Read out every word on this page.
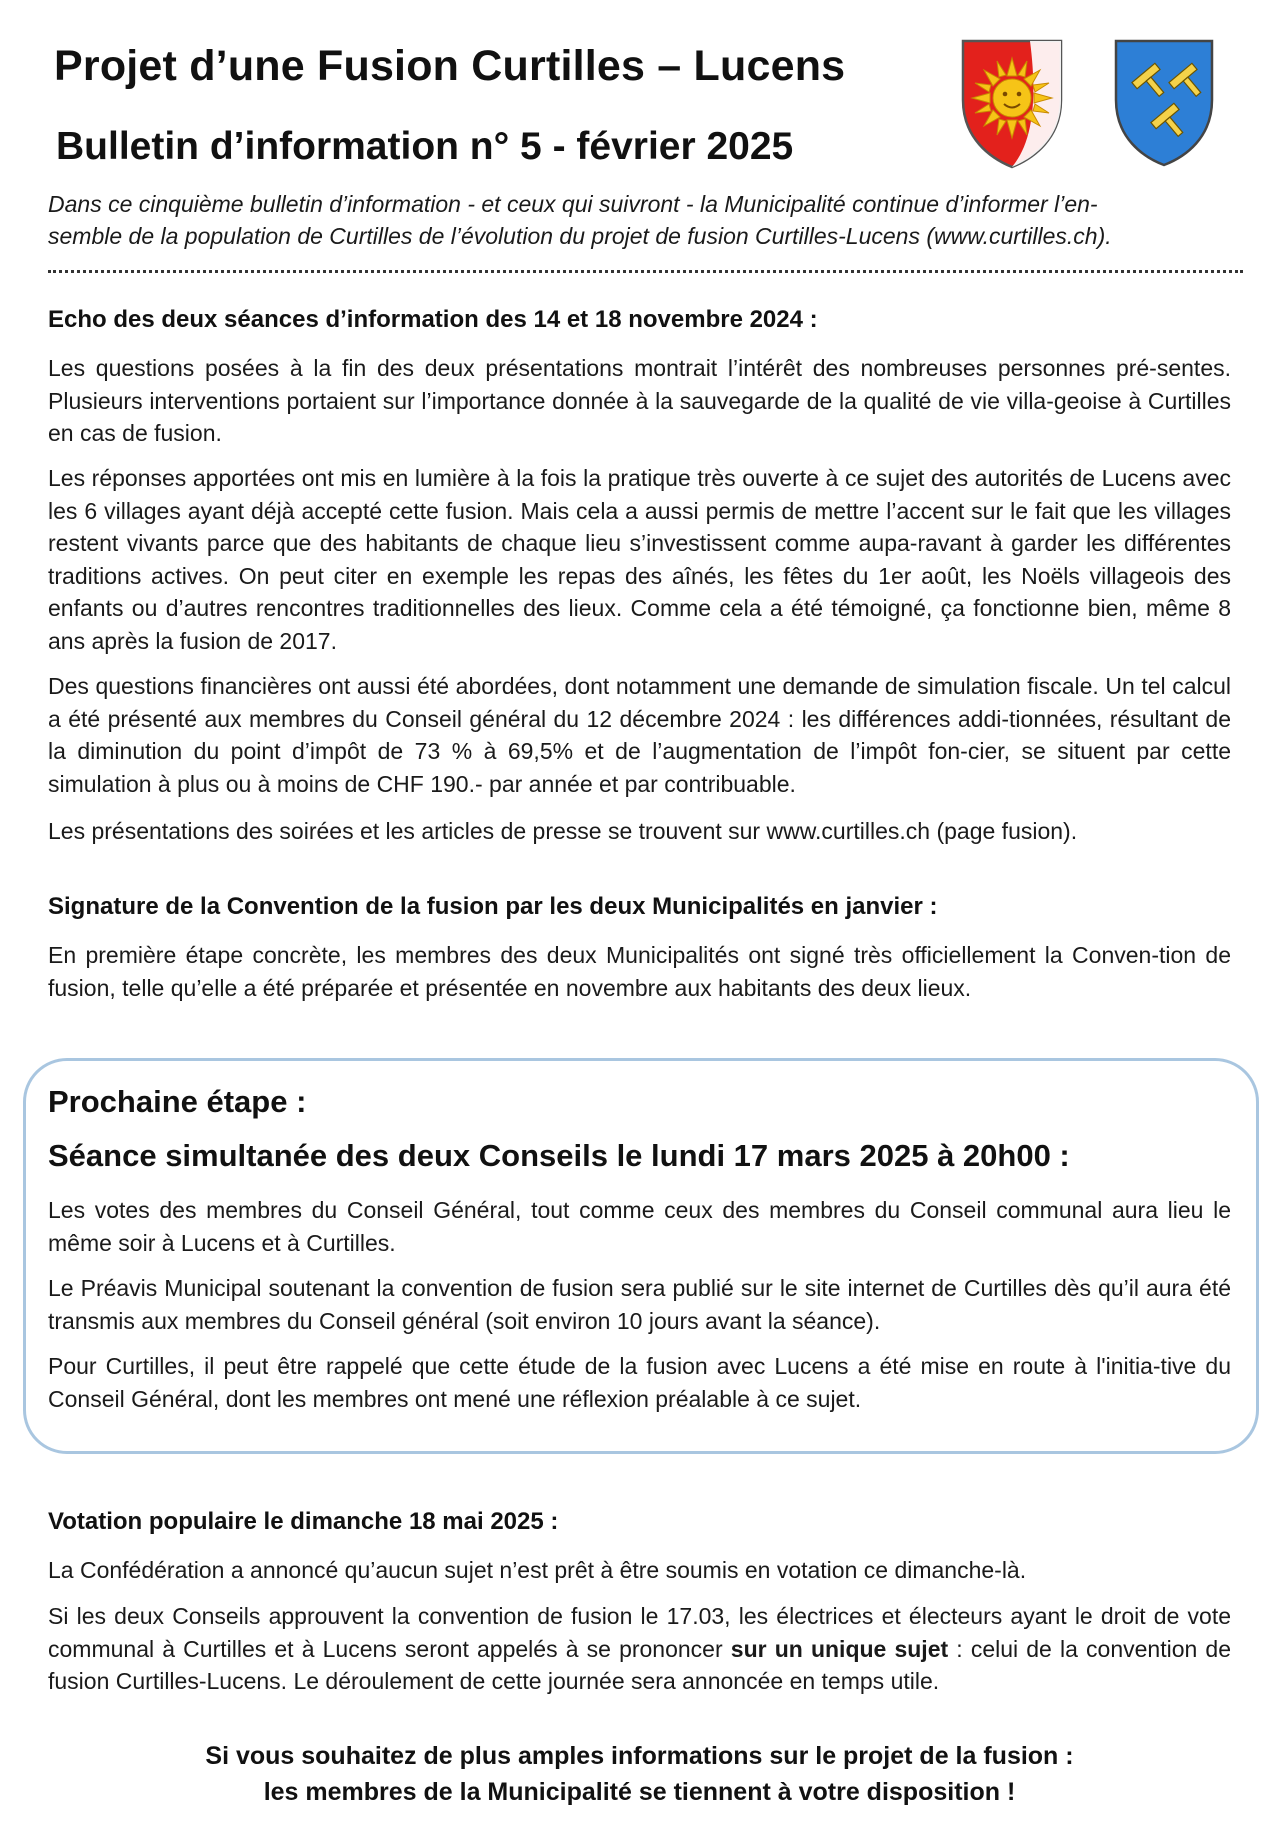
Projet d’une Fusion Curtilles – Lucens
Bulletin d’information n° 5 - février 2025

Dans ce cinquième bulletin d’information - et ceux qui suivront - la Municipalité continue d’informer l’en-
semble de la population de Curtilles de l’évolution du projet de fusion Curtilles-Lucens (www.curtilles.ch).

Echo des deux séances d’information des 14 et 18 novembre 2024 :

Les questions posées à la fin des deux présentations montrait l’intérêt des nombreuses personnes pré-sentes. Plusieurs interventions portaient sur l’importance donnée à la sauvegarde de la qualité de vie villa-geoise à Curtilles en cas de fusion.

Les réponses apportées ont mis en lumière à la fois la pratique très ouverte à ce sujet des autorités de Lucens avec les 6 villages ayant déjà accepté cette fusion. Mais cela a aussi permis de mettre l’accent sur le fait que les villages restent vivants parce que des habitants de chaque lieu s’investissent comme aupa-ravant à garder les différentes traditions actives. On peut citer en exemple les repas des aînés, les fêtes du 1er août, les Noëls villageois des enfants ou d’autres rencontres traditionnelles des lieux. Comme cela a été témoigné, ça fonctionne bien, même 8 ans après la fusion de 2017.

Des questions financières ont aussi été abordées, dont notamment une demande de simulation fiscale. Un tel calcul a été présenté aux membres du Conseil général du 12 décembre 2024 : les différences addi-tionnées, résultant de la diminution du point d’impôt de 73 % à 69,5% et de l’augmentation de l’impôt fon-cier, se situent par cette simulation à plus ou à moins de CHF 190.- par année et par contribuable.

Les présentations des soirées et les articles de presse se trouvent sur www.curtilles.ch (page fusion).

Signature de la Convention de la fusion par les deux Municipalités en janvier :

En première étape concrète, les membres des deux Municipalités ont signé très officiellement la Conven-tion de fusion, telle qu’elle a été préparée et présentée en novembre aux habitants des deux lieux.

Prochaine étape :
Séance simultanée des deux Conseils le lundi 17 mars 2025 à 20h00 :

Les votes des membres du Conseil Général, tout comme ceux des membres du Conseil communal aura lieu le même soir à Lucens et à Curtilles.

Le Préavis Municipal soutenant la convention de fusion sera publié sur le site internet de Curtilles dès qu’il aura été transmis aux membres du Conseil général (soit environ 10 jours avant la séance).

Pour Curtilles, il peut être rappelé que cette étude de la fusion avec Lucens a été mise en route à l'initia-tive du Conseil Général, dont les membres ont mené une réflexion préalable à ce sujet.

Votation populaire le dimanche 18 mai 2025 :

La Confédération a annoncé qu’aucun sujet n’est prêt à être soumis en votation ce dimanche-là.

Si les deux Conseils approuvent la convention de fusion le 17.03, les électrices et électeurs ayant le droit de vote communal à Curtilles et à Lucens seront appelés à se prononcer sur un unique sujet : celui de la convention de fusion Curtilles-Lucens. Le déroulement de cette journée sera annoncée en temps utile.

Si vous souhaitez de plus amples informations sur le projet de la fusion :

les membres de la Municipalité se tiennent à votre disposition !
